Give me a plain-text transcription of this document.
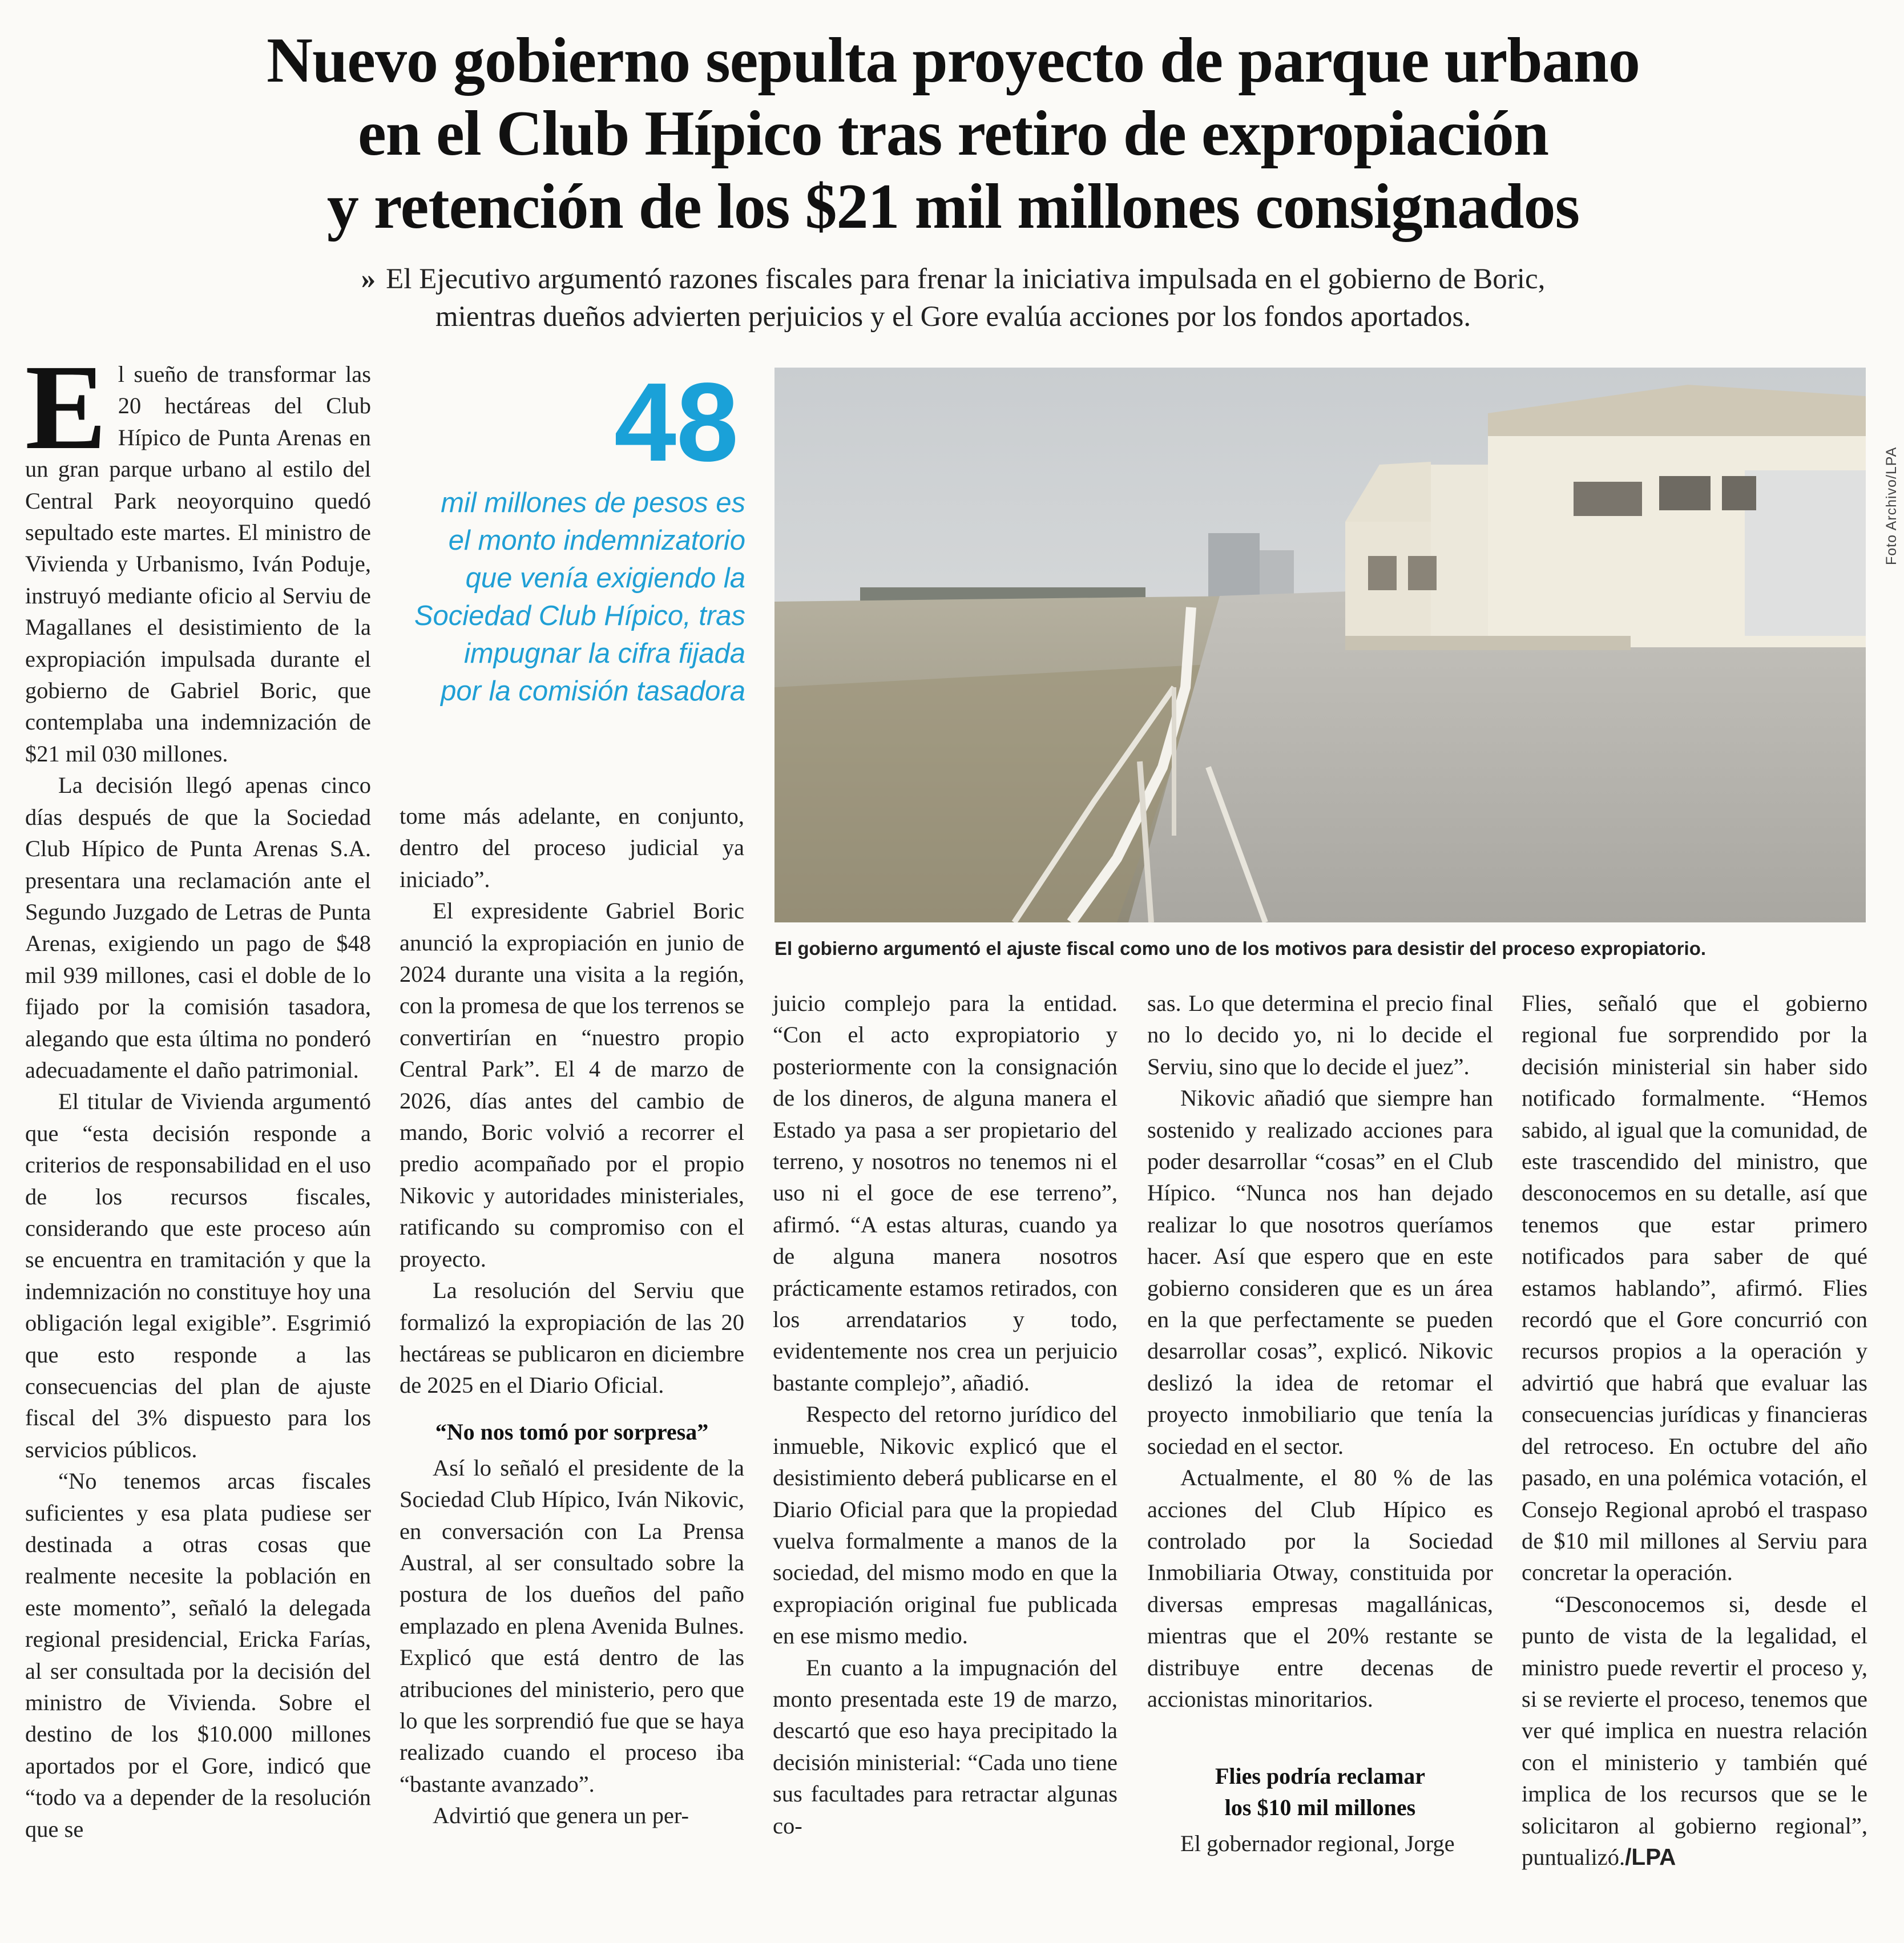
Nuevo gobierno sepulta proyecto de parque urbano
en el Club Hípico tras retiro de expropiación
y retención de los $21 mil millones consignados
» El Ejecutivo argumentó razones fiscales para frenar la iniciativa impulsada en el gobierno de Boric,
mientras dueños advierten perjuicios y el Gore evalúa acciones por los fondos aportados.

El sueño de transformar las 20 hectáreas del Club Hípico de Punta Arenas en un gran parque urbano al estilo del Central Park neoyorquino quedó sepultado este martes. El ministro de Vivienda y Urbanismo, Iván Poduje, instruyó mediante oficio al Serviu de Magallanes el desistimiento de la expropiación impulsada durante el gobierno de Gabriel Boric, que contemplaba una indemnización de $21 mil 030 millones.

La decisión llegó apenas cinco días después de que la Sociedad Club Hípico de Punta Arenas S.A. presentara una reclamación ante el Segundo Juzgado de Letras de Punta Arenas, exigiendo un pago de $48 mil 939 millones, casi el doble de lo fijado por la comisión tasadora, alegando que esta última no ponderó adecuadamente el daño patrimonial.

El titular de Vivienda argumentó que “esta decisión responde a criterios de responsabilidad en el uso de los recursos fiscales, considerando que este proceso aún se encuentra en tramitación y que la indemnización no constituye hoy una obligación legal exigible”. Esgrimió que esto responde a las consecuencias del plan de ajuste fiscal del 3% dispuesto para los servicios públicos.

“No tenemos arcas fiscales suficientes y esa plata pudiese ser destinada a otras cosas que realmente necesite la población en este momento”, señaló la delegada regional presidencial, Ericka Farías, al ser consultada por la decisión del ministro de Vivienda. Sobre el destino de los $10.000 millones aportados por el Gore, indicó que “todo va a depender de la resolución que se

48
mil millones de pesos es
el monto indemnizatorio
que venía exigiendo la
Sociedad Club Hípico, tras
impugnar la cifra fijada
por la comisión tasadora

tome más adelante, en conjunto, dentro del proceso judicial ya iniciado”.

El expresidente Gabriel Boric anunció la expropiación en junio de 2024 durante una visita a la región, con la promesa de que los terrenos se convertirían en “nuestro propio Central Park”. El 4 de marzo de 2026, días antes del cambio de mando, Boric volvió a recorrer el predio acompañado por el propio Nikovic y autoridades ministeriales, ratificando su compromiso con el proyecto.

La resolución del Serviu que formalizó la expropiación de las 20 hectáreas se publicaron en diciembre de 2025 en el Diario Oficial.

“No nos tomó por sorpresa”

Así lo señaló el presidente de la Sociedad Club Hípico, Iván Nikovic, en conversación con La Prensa Austral, al ser consultado sobre la postura de los dueños del paño emplazado en plena Avenida Bulnes. Explicó que está dentro de las atribuciones del ministerio, pero que lo que les sorprendió fue que se haya realizado cuando el proceso iba “bastante avanzado”.

Advirtió que genera un per-

Foto Archivo/LPA
El gobierno argumentó el ajuste fiscal como uno de los motivos para desistir del proceso expropiatorio.

juicio complejo para la entidad. “Con el acto expropiatorio y posteriormente con la consignación de los dineros, de alguna manera el Estado ya pasa a ser propietario del terreno, y nosotros no tenemos ni el uso ni el goce de ese terreno”, afirmó. “A estas alturas, cuando ya de alguna manera nosotros prácticamente estamos retirados, con los arrendatarios y todo, evidentemente nos crea un perjuicio bastante complejo”, añadió.

Respecto del retorno jurídico del inmueble, Nikovic explicó que el desistimiento deberá publicarse en el Diario Oficial para que la propiedad vuelva formalmente a manos de la sociedad, del mismo modo en que la expropiación original fue publicada en ese mismo medio.

En cuanto a la impugnación del monto presentada este 19 de marzo, descartó que eso haya precipitado la decisión ministerial: “Cada uno tiene sus facultades para retractar algunas co-

sas. Lo que determina el precio final no lo decido yo, ni lo decide el Serviu, sino que lo decide el juez”.

Nikovic añadió que siempre han sostenido y realizado acciones para poder desarrollar “cosas” en el Club Hípico. “Nunca nos han dejado realizar lo que nosotros queríamos hacer. Así que espero que en este gobierno consideren que es un área en la que perfectamente se pueden desarrollar cosas”, explicó. Nikovic deslizó la idea de retomar el proyecto inmobiliario que tenía la sociedad en el sector.

Actualmente, el 80 % de las acciones del Club Hípico es controlado por la Sociedad Inmobiliaria Otway, constituida por diversas empresas magallánicas, mientras que el 20% restante se distribuye entre decenas de accionistas minoritarios.

Flies podría reclamar
los $10 mil millones

El gobernador regional, Jorge

Flies, señaló que el gobierno regional fue sorprendido por la decisión ministerial sin haber sido notificado formalmente. “Hemos sabido, al igual que la comunidad, de este trascendido del ministro, que desconocemos en su detalle, así que tenemos que estar primero notificados para saber de qué estamos hablando”, afirmó. Flies recordó que el Gore concurrió con recursos propios a la operación y advirtió que habrá que evaluar las consecuencias jurídicas y financieras del retroceso. En octubre del año pasado, en una polémica votación, el Consejo Regional aprobó el traspaso de $10 mil millones al Serviu para concretar la operación.

“Desconocemos si, desde el punto de vista de la legalidad, el ministro puede revertir el proceso y, si se revierte el proceso, tenemos que ver qué implica en nuestra relación con el ministerio y también qué implica de los recursos que se le solicitaron al gobierno regional”, puntualizó./LPA
